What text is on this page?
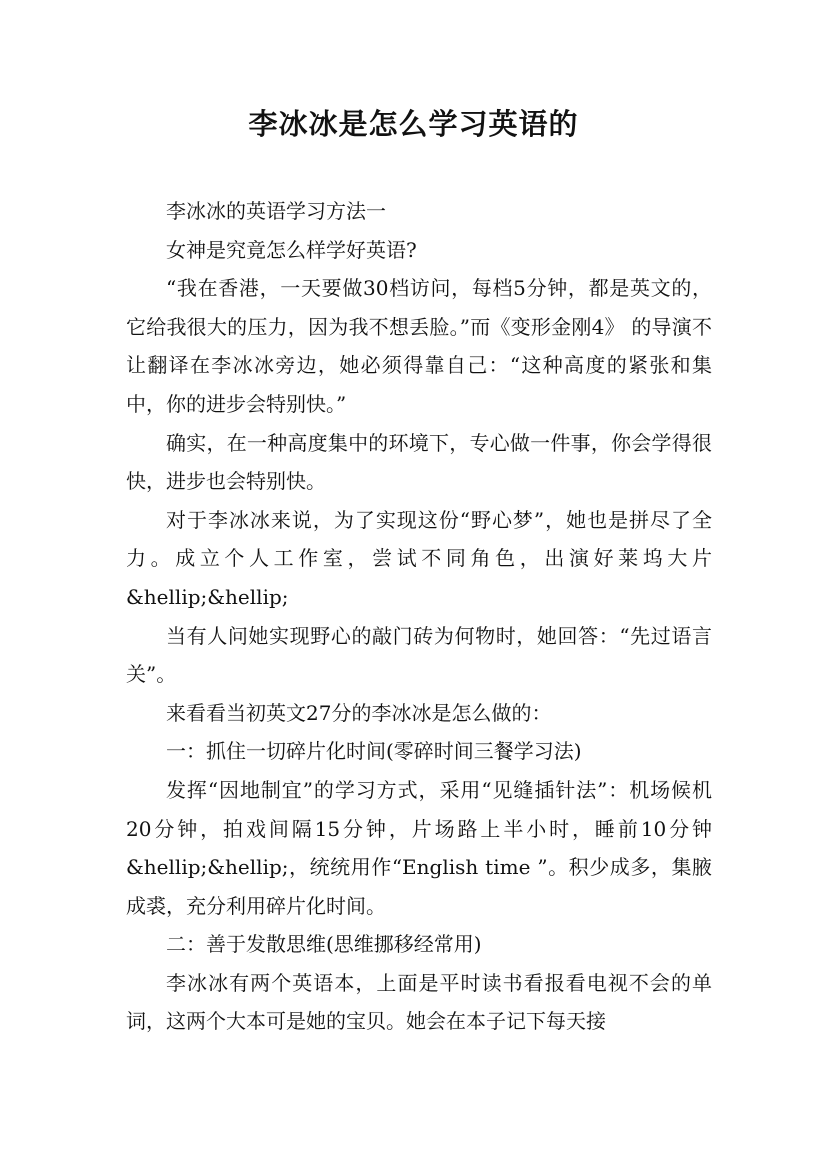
李冰冰是怎么学习英语的

李冰冰的英语学习方法一

女神是究竟怎么样学好英语?

“我在香港，一天要做30档访问，每档5分钟，都是英文的，它给我很大的压力，因为我不想丢脸。”而《变形金刚4》 的导演不让翻译在李冰冰旁边，她必须得靠自己：“这种高度的紧张和集中，你的进步会特别快。”

确实，在一种高度集中的环境下，专心做一件事，你会学得很快，进步也会特别快。

对于李冰冰来说，为了实现这份“野心梦”，她也是拼尽了全力。成立个人工作室，尝试不同角色，出演好莱坞大片&hellip;&hellip;

当有人问她实现野心的敲门砖为何物时，她回答：“先过语言关”。

来看看当初英文27分的李冰冰是怎么做的：

一：抓住一切碎片化时间(零碎时间三餐学习法)

发挥“因地制宜”的学习方式，采用“见缝插针法”：机场候机20分钟，拍戏间隔15分钟，片场路上半小时，睡前10分钟&hellip;&hellip;，统统用作“English time ”。积少成多，集腋成裘，充分利用碎片化时间。

二：善于发散思维(思维挪移经常用)

李冰冰有两个英语本，上面是平时读书看报看电视不会的单词，这两个大本可是她的宝贝。她会在本子记下每天接
